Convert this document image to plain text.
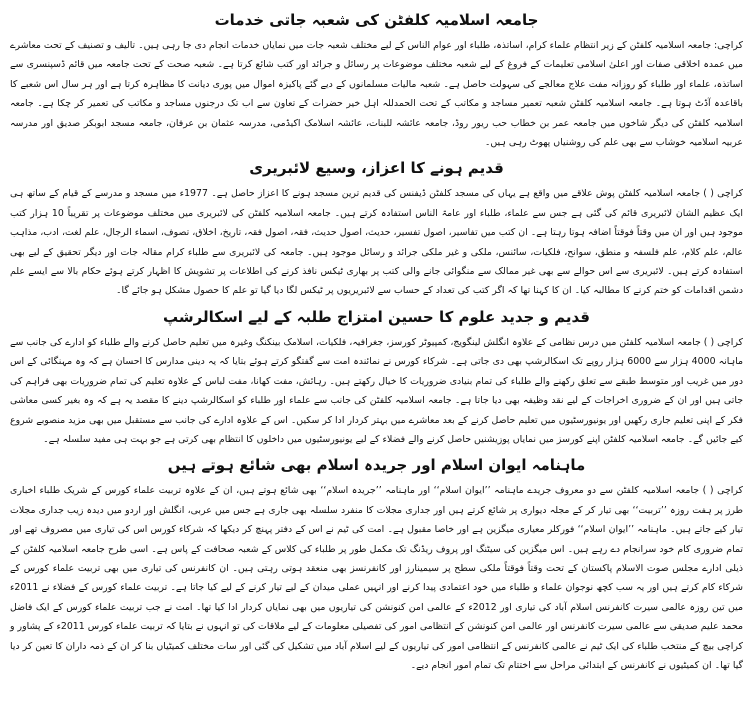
جامعہ اسلامیہ کلفٹن کی شعبہ جاتی خدمات

کراچی: جامعہ اسلامیہ کلفٹن کے زیر انتظام علماء کرام، اساتذہ، طلباء اور عوام الناس کے لیے مختلف شعبہ جات میں نمایاں خدمات انجام دی جا رہی ہیں۔ تالیف و تصنیف کے تحت معاشرے میں عمدہ اخلاقی صفات اور اعلیٰ اسلامی تعلیمات کے فروغ کے لیے شعبہ مختلف موضوعات پر رسائل و جرائد اور کتب شائع کرتا ہے۔ شعبہ صحت کے تحت جامعہ میں قائم ڈسپنسری سے اساتذہ، علماء اور طلباء کو روزانہ مفت علاج معالجے کی سہولت حاصل ہے۔ شعبہ مالیات مسلمانوں کے دیے گئے پاکیزہ اموال میں پوری دیانت کا مظاہرہ کرتا ہے اور ہر سال اس شعبے کا باقاعدہ آڈٹ ہوتا ہے۔ جامعہ اسلامیہ کلفٹن شعبہ تعمیر مساجد و مکاتب کے تحت الحمدللہ اہل خیر حضرات کے تعاون سے اب تک درجنوں مساجد و مکاتب کی تعمیر کر چکا ہے۔ جامعہ اسلامیہ کلفٹن کی دیگر شاخوں میں جامعہ عمر بن خطاب حب ریور روڈ، جامعہ عائشہ للبنات، عائشہ اسلامک اکیڈمی، مدرسہ عثمان بن عرفان، جامعہ مسجد ابوبکر صدیق اور مدرسہ عربیہ اسلامیہ خوشاب سے بھی علم کی روشنیاں پھوٹ رہی ہیں۔

قدیم ہونے کا اعزاز، وسیع لائبریری

کراچی ( ) جامعہ اسلامیہ کلفٹن پوش علاقے میں واقع ہے یہاں کی مسجد کلفٹن ڈیفنس کی قدیم ترین مسجد ہونے کا اعزاز حاصل ہے۔ 1977ء میں مسجد و مدرسے کے قیام کے ساتھ ہی ایک عظیم الشان لائبریری قائم کی گئی ہے جس سے علماء، طلباء اور عامۃ الناس استفادہ کرتے ہیں۔ جامعہ اسلامیہ کلفٹن کی لائبریری میں مختلف موضوعات پر تقریباً 10 ہزار کتب موجود ہیں اور ان میں وقتاً فوقتاً اضافہ ہوتا رہتا ہے۔ ان کتب میں تفاسیر، اصول تفسیر، حدیث، اصول حدیث، فقہ، اصول فقہ، تاریخ، اخلاق، تصوف، اسماء الرجال، علم لغت، ادب، مذاہب عالم، علم کلام، علم فلسفہ و منطق، سوانح، فلکیات، سائنس، ملکی و غیر ملکی جرائد و رسائل موجود ہیں۔ جامعہ کی لائبریری سے طلباء کرام مقالہ جات اور دیگر تحقیق کے لیے بھی استفادہ کرتے ہیں۔ لائبریری سے اس حوالے سے بھی غیر ممالک سے منگوائی جانے والی کتب پر بھاری ٹیکس نافذ کرنے کی اطلاعات پر تشویش کا اظہار کرتے ہوئے حکام بالا سے ایسے علم دشمن اقدامات کو ختم کرنے کا مطالبہ کیا۔ ان کا کہنا تھا کہ اگر کتب کی تعداد کے حساب سے لائبریریوں پر ٹیکس لگا دیا گیا تو علم کا حصول مشکل ہو جائے گا۔

قدیم و جدید علوم کا حسین امتزاج طلبہ کے لیے اسکالرشپ

کراچی ( ) جامعہ اسلامیہ کلفٹن میں درس نظامی کے علاوہ انگلش لینگویج، کمپیوٹر کورسز، جغرافیہ، فلکیات، اسلامک بینکنگ وغیرہ میں تعلیم حاصل کرنے والے طلباء کو ادارے کی جانب سے ماہانہ 4000 ہزار سے 6000 ہزار روپے تک اسکالرشپ بھی دی جاتی ہے۔ شرکاء کورس نے نمائندہ امت سے گفتگو کرتے ہوئے بتایا کہ یہ دینی مدارس کا احسان ہے کہ وہ مہنگائی کے اس دور میں غریب اور متوسط طبقے سے تعلق رکھنے والے طلباء کی تمام بنیادی ضروریات کا خیال رکھتے ہیں۔ رہائش، مفت کھانا، مفت لباس کے علاوہ تعلیم کی تمام ضروریات بھی فراہم کی جاتی ہیں اور ان کے ضروری اخراجات کے لیے نقد وظیفہ بھی دیا جاتا ہے۔ جامعہ اسلامیہ کلفٹن کی جانب سے علماء اور طلباء کو اسکالرشپ دینے کا مقصد یہ ہے کہ وہ بغیر کسی معاشی فکر کے اپنی تعلیم جاری رکھیں اور یونیورسٹیوں میں تعلیم حاصل کرنے کے بعد معاشرے میں بہتر کردار ادا کر سکیں۔ اس کے علاوہ ادارے کی جانب سے مستقبل میں بھی مزید منصوبے شروع کیے جائیں گے۔ جامعہ اسلامیہ کلفٹن اپنے کورسز میں نمایاں پوزیشنیں حاصل کرنے والے فضلاء کے لیے یونیورسٹیوں میں داخلوں کا انتظام بھی کرتی ہے جو بہت ہی مفید سلسلہ ہے۔

ماہنامہ ایوان اسلام اور جریدہ اسلام بھی شائع ہوتے ہیں

کراچی ( ) جامعہ اسلامیہ کلفٹن سے دو معروف جریدے ماہنامہ ’’ایوان اسلام‘‘ اور ماہنامہ ’’جریدہ اسلام‘‘ بھی شائع ہوتے ہیں، ان کے علاوہ تربیت علماء کورس کے شریک طلباء اخباری طرز پر ہفت روزہ ’’تربیت‘‘ بھی تیار کر کے مجلہ دیواری پر شائع کرتے ہیں اور جداری مجلات کا منفرد سلسلہ بھی جاری ہے جس میں عربی، انگلش اور اردو میں دیدہ زیب جداری مجلات تیار کیے جاتے ہیں۔ ماہنامہ ’’ایوان اسلام‘‘ فورکلر معیاری میگزین ہے اور خاصا مقبول ہے۔ امت کی ٹیم نے اس کے دفتر پہنچ کر دیکھا کہ شرکاء کورس اس کی تیاری میں مصروف تھے اور تمام ضروری کام خود سرانجام دے رہے ہیں۔ اس میگزین کی سیٹنگ اور پروف ریڈنگ تک مکمل طور پر طلباء کی کلاس کے شعبہ صحافت کے پاس ہے۔ اسی طرح جامعہ اسلامیہ کلفٹن کے ذیلی ادارے مجلس صوت الاسلام پاکستان کے تحت وقتاً فوقتاً ملکی سطح پر سیمینارز اور کانفرنسز بھی منعقد ہوتی رہتی ہیں۔ ان کانفرنس کی تیاری میں بھی تربیت علماء کورس کے شرکاء کام کرتے ہیں اور یہ سب کچھ نوجوان علماء و طلباء میں خود اعتمادی پیدا کرنے اور انہیں عملی میدان کے لیے تیار کرنے کے لیے کیا جاتا ہے۔ تربیت علماء کورس کے فضلاء نے 2011ء میں تین روزہ عالمی سیرت کانفرنس اسلام آباد کی تیاری اور 2012ء کے عالمی امن کنونشن کی تیاریوں میں بھی نمایاں کردار ادا کیا تھا۔ امت نے جب تربیت علماء کورس کے ایک فاضل محمد علیم صدیقی سے عالمی سیرت کانفرنس اور عالمی امن کنونشن کے انتظامی امور کی تفصیلی معلومات کے لیے ملاقات کی تو انہوں نے بتایا کہ تربیت علماء کورس 2011ء کے پشاور و کراچی بیچ کے منتخب طلباء کی ایک ٹیم نے عالمی کانفرنس کے انتظامی امور کی تیاریوں کے لیے اسلام آباد میں تشکیل کی گئی اور سات مختلف کمیٹیاں بنا کر ان کے ذمہ داران کا تعین کر دیا گیا تھا۔ ان کمیٹیوں نے کانفرنس کے ابتدائی مراحل سے اختتام تک تمام امور انجام دیے۔
